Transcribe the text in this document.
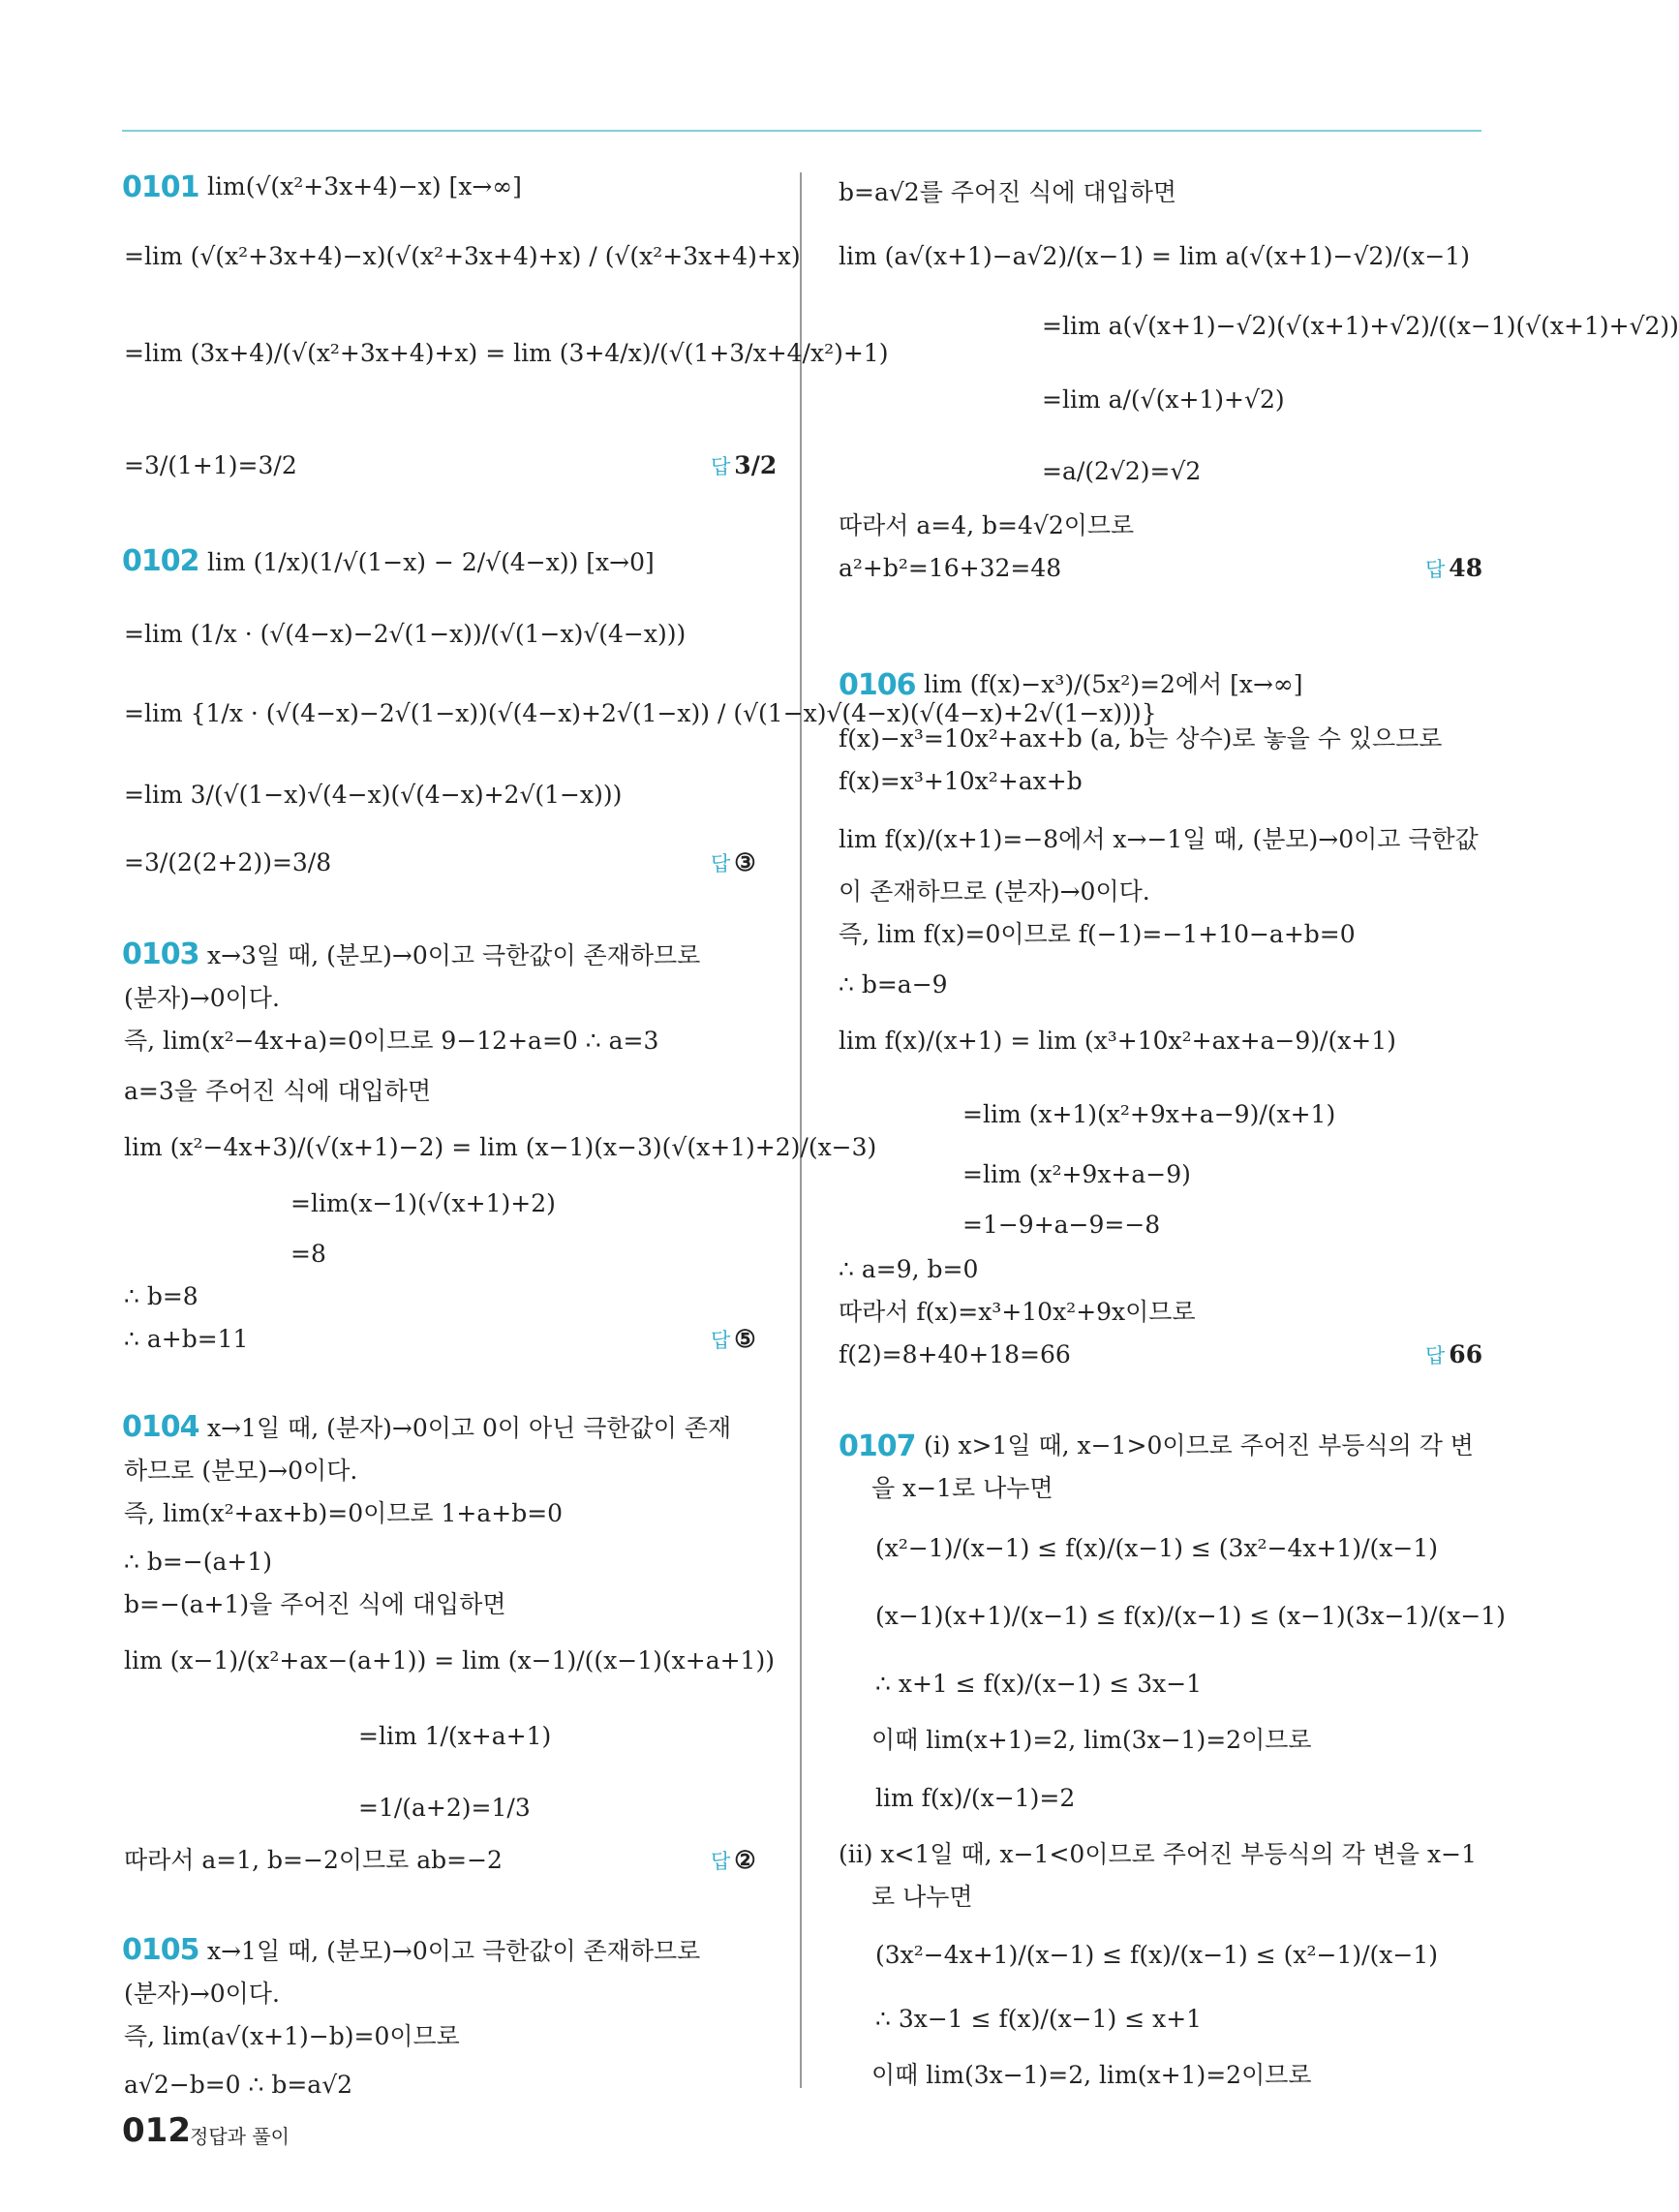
0101 lim(√(x²+3x+4)−x) [x→∞]
=lim (√(x²+3x+4)−x)(√(x²+3x+4)+x) / (√(x²+3x+4)+x)
=lim (3x+4)/(√(x²+3x+4)+x) = lim (3+4/x)/(√(1+3/x+4/x²)+1)
=3/(1+1)=3/2	답 3/2
0102 lim (1/x)(1/√(1−x) − 2/√(4−x)) [x→0]
=lim (1/x · (√(4−x)−2√(1−x))/(√(1−x)√(4−x)))
=lim {1/x · (√(4−x)−2√(1−x))(√(4−x)+2√(1−x)) / (√(1−x)√(4−x)(√(4−x)+2√(1−x)))}
=lim 3/(√(1−x)√(4−x)(√(4−x)+2√(1−x)))
=3/(2(2+2))=3/8	답 ③
0103 x→3일 때, (분모)→0이고 극한값이 존재하므로
(분자)→0이다.
즉, lim(x²−4x+a)=0이므로 9−12+a=0 ∴ a=3
a=3을 주어진 식에 대입하면
lim (x²−4x+3)/(√(x+1)−2) = lim (x−1)(x−3)(√(x+1)+2)/(x−3)
=lim(x−1)(√(x+1)+2)
=8
∴ b=8
∴ a+b=11	답 ⑤
0104 x→1일 때, (분자)→0이고 0이 아닌 극한값이 존재
하므로 (분모)→0이다.
즉, lim(x²+ax+b)=0이므로 1+a+b=0
∴ b=−(a+1)
b=−(a+1)을 주어진 식에 대입하면
lim (x−1)/(x²+ax−(a+1)) = lim (x−1)/((x−1)(x+a+1))
=lim 1/(x+a+1)
=1/(a+2)=1/3
따라서 a=1, b=−2이므로 ab=−2	답 ②
0105 x→1일 때, (분모)→0이고 극한값이 존재하므로
(분자)→0이다.
즉, lim(a√(x+1)−b)=0이므로
a√2−b=0 ∴ b=a√2
b=a√2를 주어진 식에 대입하면
lim (a√(x+1)−a√2)/(x−1) = lim a(√(x+1)−√2)/(x−1)
=lim a(√(x+1)−√2)(√(x+1)+√2)/((x−1)(√(x+1)+√2))
=lim a/(√(x+1)+√2)
=a/(2√2)=√2
따라서 a=4, b=4√2이므로
a²+b²=16+32=48	답 48
0106 lim (f(x)−x³)/(5x²)=2에서 [x→∞]
f(x)−x³=10x²+ax+b (a, b는 상수)로 놓을 수 있으므로
f(x)=x³+10x²+ax+b
lim f(x)/(x+1)=−8에서 x→−1일 때, (분모)→0이고 극한값
이 존재하므로 (분자)→0이다.
즉, lim f(x)=0이므로 f(−1)=−1+10−a+b=0
∴ b=a−9
lim f(x)/(x+1) = lim (x³+10x²+ax+a−9)/(x+1)
=lim (x+1)(x²+9x+a−9)/(x+1)
=lim (x²+9x+a−9)
=1−9+a−9=−8
∴ a=9, b=0
따라서 f(x)=x³+10x²+9x이므로
f(2)=8+40+18=66	답 66
0107 (i) x>1일 때, x−1>0이므로 주어진 부등식의 각 변
을 x−1로 나누면
(x²−1)/(x−1) ≤ f(x)/(x−1) ≤ (3x²−4x+1)/(x−1)
(x−1)(x+1)/(x−1) ≤ f(x)/(x−1) ≤ (x−1)(3x−1)/(x−1)
∴ x+1 ≤ f(x)/(x−1) ≤ 3x−1
이때 lim(x+1)=2, lim(3x−1)=2이므로
lim f(x)/(x−1)=2
(ii) x<1일 때, x−1<0이므로 주어진 부등식의 각 변을 x−1
로 나누면
(3x²−4x+1)/(x−1) ≤ f(x)/(x−1) ≤ (x²−1)/(x−1)
∴ 3x−1 ≤ f(x)/(x−1) ≤ x+1
이때 lim(3x−1)=2, lim(x+1)=2이므로
012 정답과 풀이
